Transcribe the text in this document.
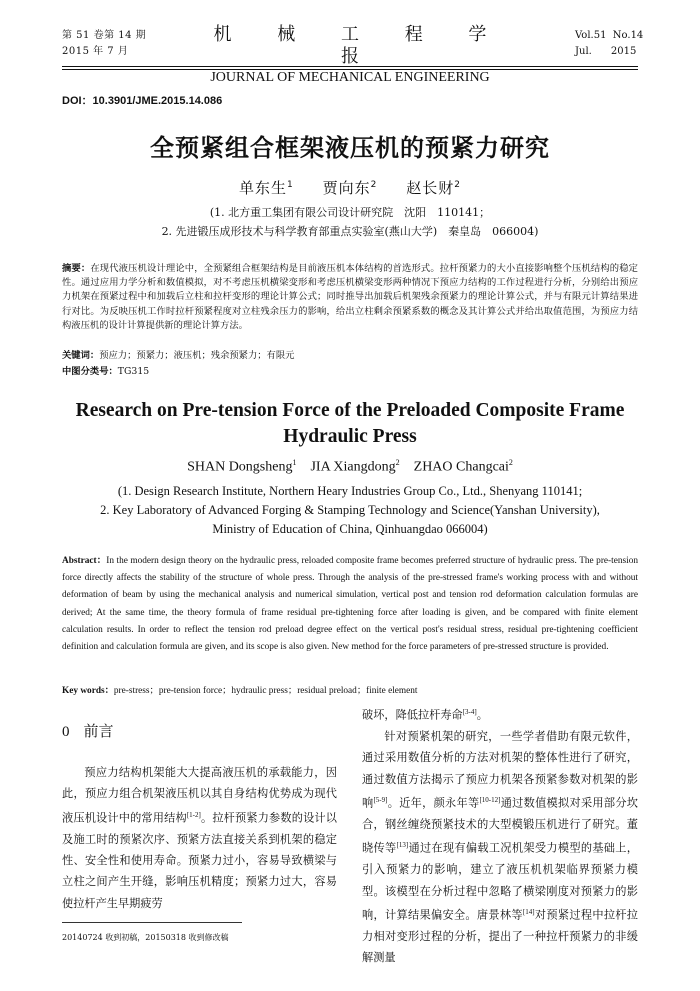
第 51 卷第 14 期
2015 年 7 月
机 械 工 程 学 报
JOURNAL OF MECHANICAL ENGINEERING
Vol.51 No.14
Jul. 2015
DOI：10.3901/JME.2015.14.086
全预紧组合框架液压机的预紧力研究
单东生$^1$ 贾向东$^2$ 赵长财$^2$
(1. 北方重工集团有限公司设计研究院　沈阳　110141；
2. 先进锻压成形技术与科学教育部重点实验室(燕山大学)　秦皇岛　066004)
摘要：在现代液压机设计理论中，全预紧组合框架结构是目前液压机本体结构的首选形式。拉杆预紧力的大小直接影响整个压机结构的稳定性。通过应用力学分析和数值模拟，对不考虑压机横梁变形和考虑压机横梁变形两种情况下预应力结构的工作过程进行分析，分别给出预应力机架在预紧过程中和加载后立柱和拉杆变形的理论计算公式；同时推导出加载后机架残余预紧力的理论计算公式，并与有限元计算结果进行对比。为反映压机工作时拉杆预紧程度对立柱残余压力的影响，给出立柱剩余预紧系数的概念及其计算公式并给出取值范围，为预应力结构液压机的设计计算提供新的理论计算方法。
关键词：预应力；预紧力；液压机；残余预紧力；有限元
中图分类号：TG315
Research on Pre-tension Force of the Preloaded Composite Frame
Hydraulic Press
SHAN Dongsheng$^1$ JIA Xiangdong$^2$ ZHAO Changcai$^2$
(1. Design Research Institute, Northern Heary Industries Group Co., Ltd., Shenyang 110141;
2. Key Laboratory of Advanced Forging & Stamping Technology and Science(Yanshan University),
Ministry of Education of China, Qinhuangdao 066004)
Abstract：In the modern design theory on the hydraulic press, reloaded composite frame becomes preferred structure of hydraulic press. The pre-tension force directly affects the stability of the structure of whole press. Through the analysis of the pre-stressed frame's working process with and without deformation of beam by using the mechanical analysis and numerical simulation, vertical post and tension rod deformation calculation formulas are derived; At the same time, the theory formula of frame residual pre-tightening force after loading is given, and be compared with finite element calculation results. In order to reflect the tension rod preload degree effect on the vertical post's residual stress, residual pre-tightening coefficient definition and calculation formula are given, and its scope is also given. New method for the force parameters of pre-stressed structure is provided.
Key words：pre-stress；pre-tension force；hydraulic press；residual preload；finite element
0 前言

预应力结构机架能大大提高液压机的承载能力，因此，预应力组合机架液压机以其自身结构优势成为现代液压机设计中的常用结构[1-2]。拉杆预紧力参数的设计以及施工时的预紧次序、预紧方法直接关系到机架的稳定性、安全性和使用寿命。预紧力过小，容易导致横梁与立柱之间产生开缝，影响压机精度；预紧力过大，容易使拉杆产生早期疲劳

破坏，降低拉杆寿命[3-4]。

针对预紧机架的研究，一些学者借助有限元软件，通过采用数值分析的方法对机架的整体性进行了研究，通过数值方法揭示了预应力机架各预紧参数对机架的影响[5-9]。近年，颜永年等[10-12]通过数值模拟对采用部分坎合，钢丝缠绕预紧技术的大型模锻压机进行了研究。董晓传等[13]通过在现有偏载工况机架受力模型的基础上，引入预紧力的影响，建立了液压机机架临界预紧力模型。该模型在分析过程中忽略了横梁刚度对预紧力的影响，计算结果偏安全。唐景林等[14]对预紧过程中拉杆拉力相对变形过程的分析，提出了一种拉杆预紧力的非缓解测量

20140724 收到初稿，20150318 收到修改稿
